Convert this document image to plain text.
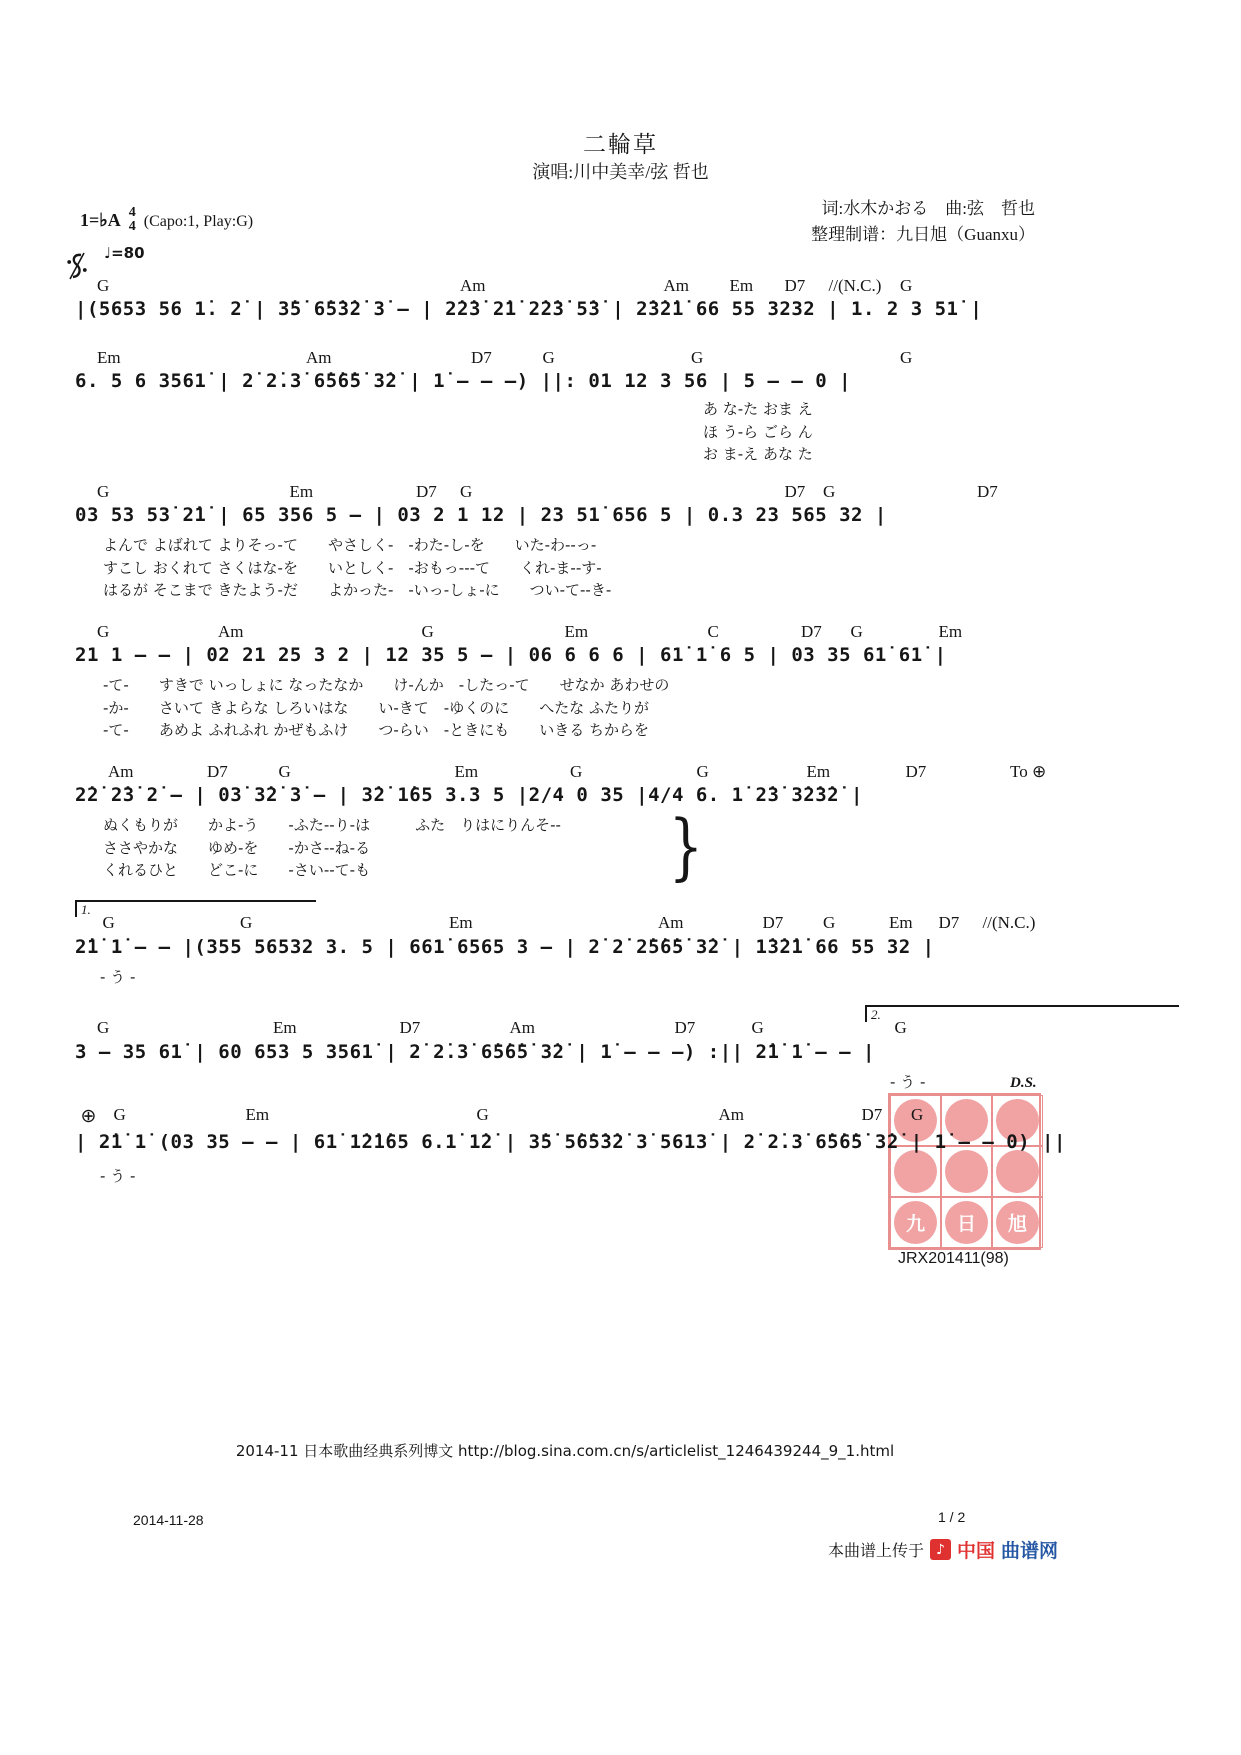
二輪草
演唱:川中美幸/弦 哲也
词:水木かおる　曲:弦　哲也
整理制谱：九日旭（Guanxu）
1=♭A 4
4 (Capo:1, Play:G)
♩=80
G	Am	Am Em D7 //(N.C.) G
|(5653 56 1̇. 2̇ | 3̇5̇ 6̇5̇3̇2̇ 3̇ – | 2̇2̇3̇ 2̇1̇ 2̇2̇3̇ 5̇3̇ | 2̇3̇2̇1̇ 66 55 3232 | 1. 2 3 51̇ |
Em	Am	D7	G	G	G
6. 5 6 3561̇ | 2̇ 2̇.3̇ 6̇5̇6̇5̇ 3̇2̇ | 1̇ – – –) ||: 01 12 3 56 | 5 – – 0 |
あ な-た おま え
ほ う-ら ごら ん
お ま-え あな た
G	Em	D7 G	D7 G	D7
03 53 53̇ 2̇1̇ | 65 356 5 – | 03 2 1 12 | 23 51̇ 656 5 | 0.3 23 565 32 |
よんで よばれて よりそっ-て　　やさしく-　-わた-し-を　　いた-わ--っ-
すこし おくれて さくはな-を　　いとしく-　-おもっ---て　　くれ-ま--す-
はるが そこまで きたよう-だ　　よかった-　-いっ-しょ-に　　つい-て--き-
G	Am	G	Em	C	D7 G	Em
21 1 – – | 02 21 25 3 2 | 12 35 5 – | 06 6 6 6 | 61̇ 1̇ 6 5 | 03 35 61̇ 61̇ |
-て-　　すきで いっしょに なったなか　　け-んか　-したっ-て　　せなか あわせの
-か-　　さいて きよらな しろいはな　　い-きて　-ゆくのに　　へたな ふたりが
-て-　　あめよ ふれふれ かぜもふけ　　つ-らい　-ときにも　　いきる ちからを
Am	D7	G	Em	G	G	Em	D7	To ⊕
2̇2̇ 2̇3̇ 2̇ – | 03̇ 3̇2̇ 3̇ – | 3̇2̇ 1̇65 3.3 5 |2/4 0 35 |4/4 6. 1̇ 2̇3̇ 3̇2̇3̇2̇ |
ぬくもりが　　かよ-う　　-ふた--り-は　　　ふた　りはにりんそ--
ささやかな　　ゆめ-を　　-かさ--ね-る
くれるひと　　どこ-に　　-さい--て-も	}
1.
G	G	Em	Am	D7 G	Em D7 //(N.C.)
2̇1̇ 1̇ – – |(355 56532 3. 5 | 661̇ 6565 3 – | 2̇ 2̇ 2̇5̇6̇5̇ 3̇2̇ | 1̇3̇2̇1̇ 66 55 32 |
- う -
2.
G	Em	D7	Am	D7	G	G
3 – 35 61̇ | 60 653 5 3561̇ | 2̇ 2̇.3̇ 6̇5̇6̇5̇ 3̇2̇ | 1̇ – – –) :|| 2̇1̇ 1̇ – – |
- う -	D.S.
⊕ G	Em	G	Am	D7 G
| 2̇1̇ 1̇ (03 35 – – | 61̇ 1̇2̇1̇65 6.1̇ 1̇2̇ | 3̇5̇ 5̇6̇5̇3̇2̇ 3̇ 5613̇ | 2̇ 2̇.3̇ 6̇5̇6̇5̇ 3̇2̇ | 1̇ – – 0) ||
- う -
九	日	旭
JRX201411(98)
2014-11 日本歌曲经典系列博文 http://blog.sina.com.cn/s/articlelist_1246439244_9_1.html
2014-11-28	1 / 2
本曲谱上传于 ♪ 中国 曲谱网
